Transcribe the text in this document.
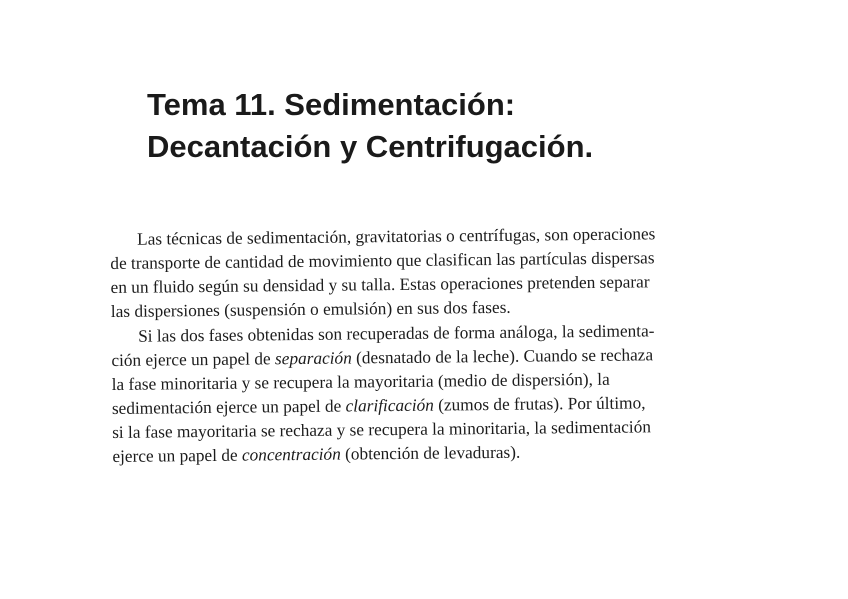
Tema 11. Sedimentación:
Decantación y Centrifugación.
Las técnicas de sedimentación, gravitatorias o centrífugas, son operaciones
de transporte de cantidad de movimiento que clasifican las partículas dispersas
en un fluido según su densidad y su talla. Estas operaciones pretenden separar
las dispersiones (suspensión o emulsión) en sus dos fases.
Si las dos fases obtenidas son recuperadas de forma análoga, la sedimenta-
ción ejerce un papel de separación (desnatado de la leche). Cuando se rechaza
la fase minoritaria y se recupera la mayoritaria (medio de dispersión), la
sedimentación ejerce un papel de clarificación (zumos de frutas). Por último,
si la fase mayoritaria se rechaza y se recupera la minoritaria, la sedimentación
ejerce un papel de concentración (obtención de levaduras).
